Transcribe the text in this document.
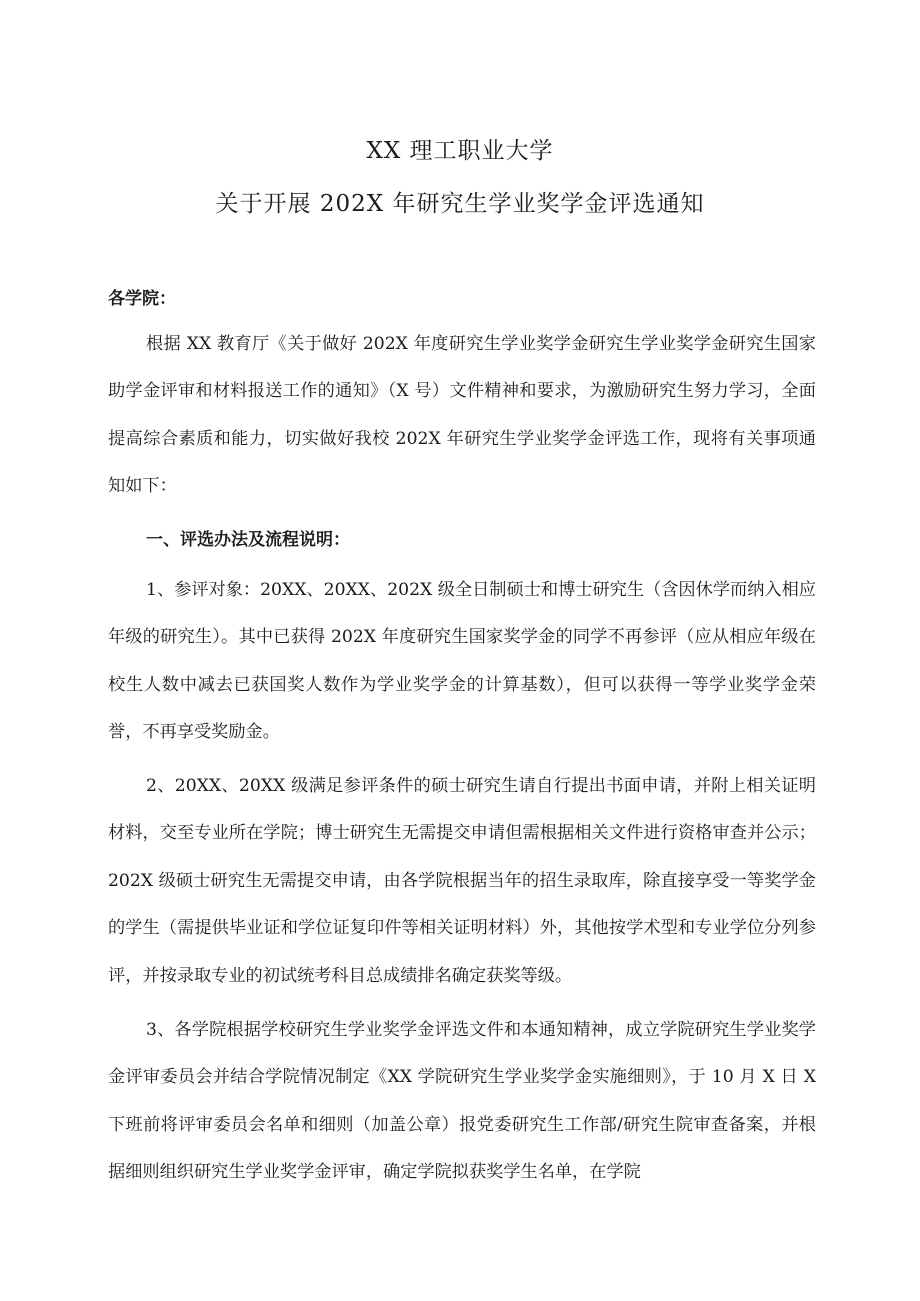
XX 理工职业大学
关于开展 202X 年研究生学业奖学金评选通知
各学院：

根据 XX 教育厅《关于做好 202X 年度研究生学业奖学金研究生学业奖学金研究生国家助学金评审和材料报送工作的通知》（X 号）文件精神和要求，为激励研究生努力学习，全面提高综合素质和能力，切实做好我校 202X 年研究生学业奖学金评选工作，现将有关事项通知如下：

一、评选办法及流程说明：

1、参评对象：20XX、20XX、202X 级全日制硕士和博士研究生（含因休学而纳入相应年级的研究生）。其中已获得 202X 年度研究生国家奖学金的同学不再参评（应从相应年级在校生人数中减去已获国奖人数作为学业奖学金的计算基数），但可以获得一等学业奖学金荣誉，不再享受奖励金。

2、20XX、20XX 级满足参评条件的硕士研究生请自行提出书面申请，并附上相关证明材料，交至专业所在学院；博士研究生无需提交申请但需根据相关文件进行资格审查并公示；202X 级硕士研究生无需提交申请，由各学院根据当年的招生录取库，除直接享受一等奖学金的学生（需提供毕业证和学位证复印件等相关证明材料）外，其他按学术型和专业学位分列参评，并按录取专业的初试统考科目总成绩排名确定获奖等级。

3、各学院根据学校研究生学业奖学金评选文件和本通知精神，成立学院研究生学业奖学金评审委员会并结合学院情况制定《XX 学院研究生学业奖学金实施细则》，于 10 月 X 日 X 下班前将评审委员会名单和细则（加盖公章）报党委研究生工作部/研究生院审查备案，并根据细则组织研究生学业奖学金评审，确定学院拟获奖学生名单，在学院
